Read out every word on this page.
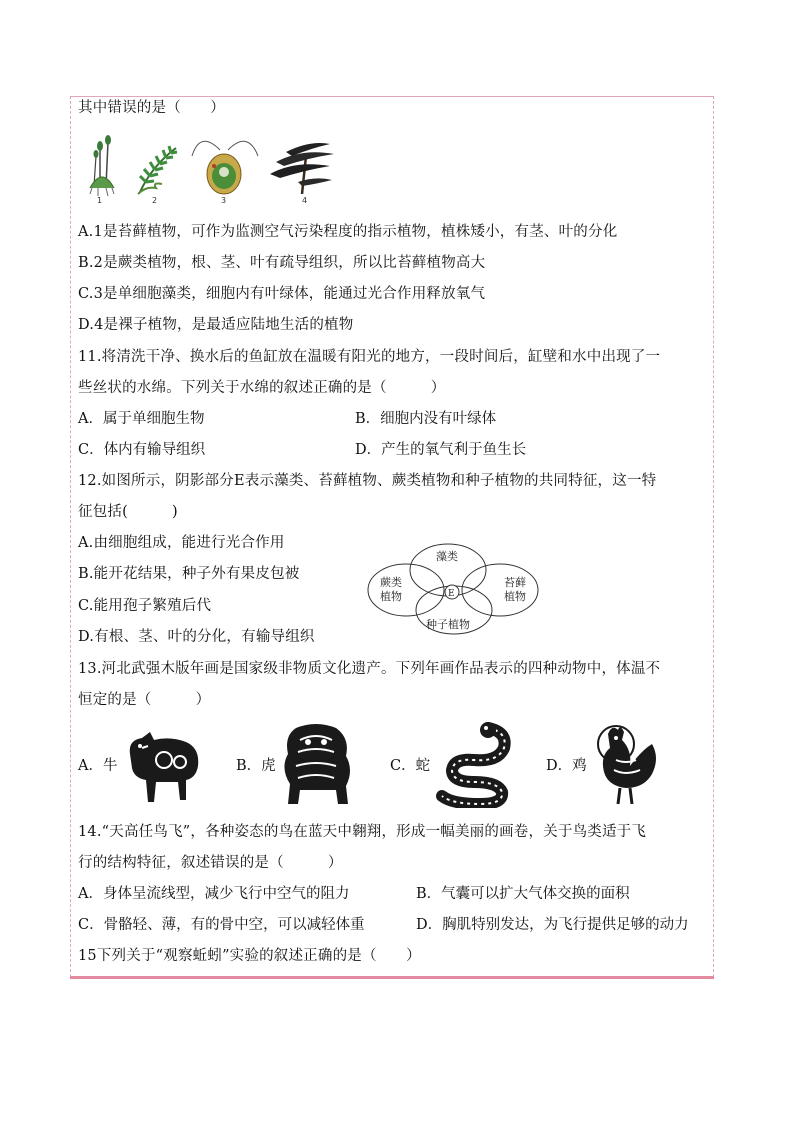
其中错误的是（　　）
1	2	3	4
A.1是苔藓植物，可作为监测空气污染程度的指示植物，植株矮小，有茎、叶的分化
B.2是蕨类植物，根、茎、叶有疏导组织，所以比苔藓植物高大
C.3是单细胞藻类，细胞内有叶绿体，能通过光合作用释放氧气
D.4是裸子植物，是最适应陆地生活的植物
11.将清洗干净、换水后的鱼缸放在温暖有阳光的地方，一段时间后，缸壁和水中出现了一
些丝状的水绵。下列关于水绵的叙述正确的是（　　　）
A．属于单细胞生物	B．细胞内没有叶绿体
C．体内有输导组织	D．产生的氧气利于鱼生长
12.如图所示，阴影部分E表示藻类、苔藓植物、蕨类植物和种子植物的共同特征，这一特
征包括(　　　)
A.由细胞组成，能进行光合作用
B.能开花结果，种子外有果皮包被
C.能用孢子繁殖后代
D.有根、茎、叶的分化，有输导组织
藻类
蕨类
植物
苔藓
植物
种子植物
E
13.河北武强木版年画是国家级非物质文化遗产。下列年画作品表示的四种动物中，体温不
恒定的是（　　　）
A．牛	B．虎	C．蛇	D．鸡
14.“天高任鸟飞”，各种姿态的鸟在蓝天中翱翔，形成一幅美丽的画卷，关于鸟类适于飞
行的结构特征，叙述错误的是（　　　）
A．身体呈流线型，减少飞行中空气的阻力	B．气囊可以扩大气体交换的面积
C．骨骼轻、薄，有的骨中空，可以减轻体重	D．胸肌特别发达，为飞行提供足够的动力
15下列关于“观察蚯蚓”实验的叙述正确的是（　　）
